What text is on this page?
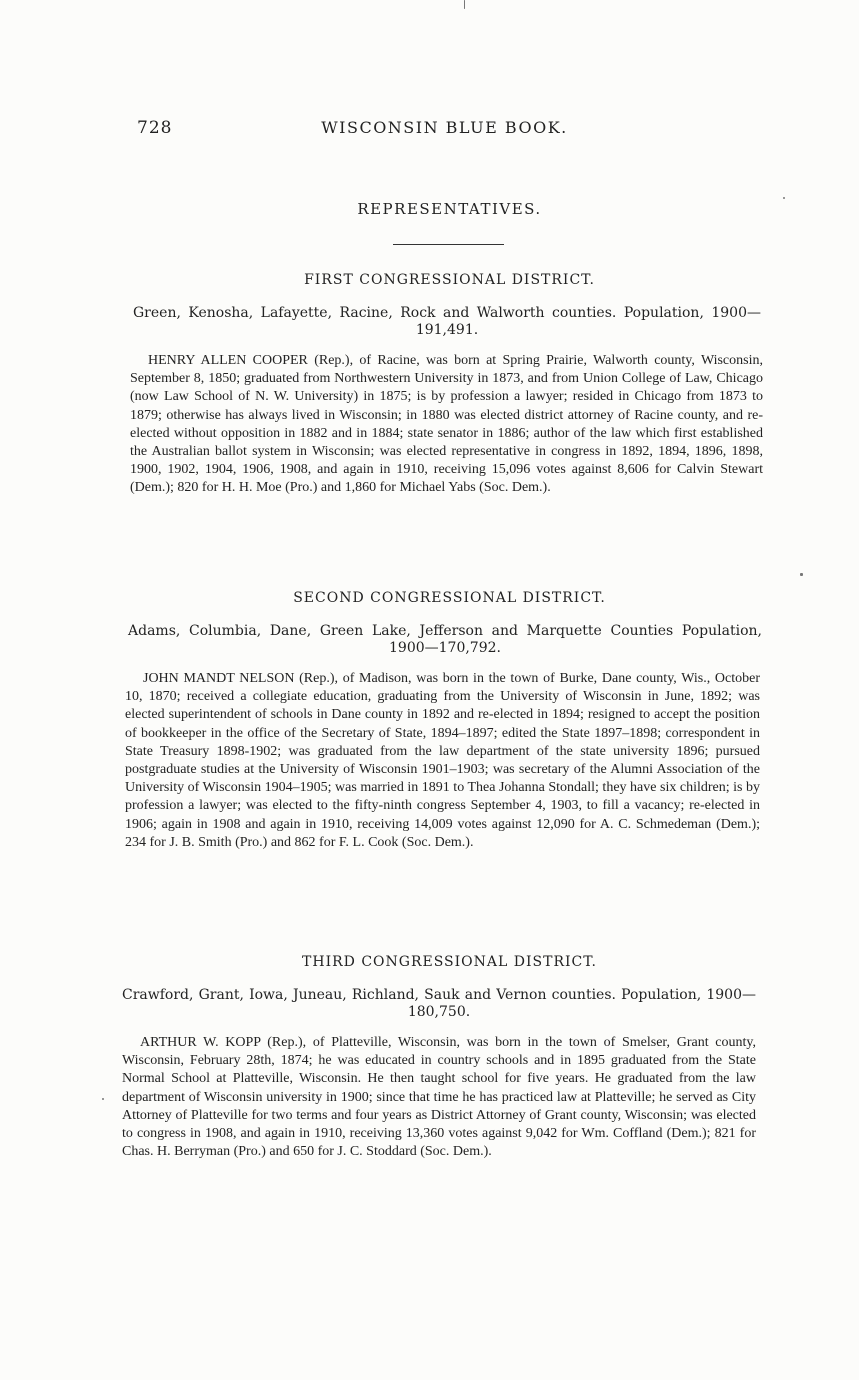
728	WISCONSIN BLUE BOOK.
REPRESENTATIVES.
FIRST CONGRESSIONAL DISTRICT.
Green, Kenosha, Lafayette, Racine, Rock and Walworth counties. Population, 1900—191,491.
HENRY ALLEN COOPER (Rep.), of Racine, was born at Spring Prairie, Walworth county, Wisconsin, September 8, 1850; graduated from Northwestern University in 1873, and from Union College of Law, Chicago (now Law School of N. W. University) in 1875; is by profession a lawyer; resided in Chicago from 1873 to 1879; otherwise has always lived in Wisconsin; in 1880 was elected district attorney of Racine county, and re-elected without opposition in 1882 and in 1884; state senator in 1886; author of the law which first established the Australian ballot system in Wisconsin; was elected representative in congress in 1892, 1894, 1896, 1898, 1900, 1902, 1904, 1906, 1908, and again in 1910, receiving 15,096 votes against 8,606 for Calvin Stewart (Dem.); 820 for H. H. Moe (Pro.) and 1,860 for Michael Yabs (Soc. Dem.).
SECOND CONGRESSIONAL DISTRICT.
Adams, Columbia, Dane, Green Lake, Jefferson and Marquette Counties Population, 1900—170,792.
JOHN MANDT NELSON (Rep.), of Madison, was born in the town of Burke, Dane county, Wis., October 10, 1870; received a collegiate education, graduating from the University of Wisconsin in June, 1892; was elected superintendent of schools in Dane county in 1892 and re-elected in 1894; resigned to accept the position of bookkeeper in the office of the Secretary of State, 1894–1897; edited the State 1897–1898; correspondent in State Treasury 1898-1902; was graduated from the law department of the state university 1896; pursued postgraduate studies at the University of Wisconsin 1901–1903; was secretary of the Alumni Association of the University of Wisconsin 1904–1905; was married in 1891 to Thea Johanna Stondall; they have six children; is by profession a lawyer; was elected to the fifty-ninth congress September 4, 1903, to fill a vacancy; re-elected in 1906; again in 1908 and again in 1910, receiving 14,009 votes against 12,090 for A. C. Schmedeman (Dem.); 234 for J. B. Smith (Pro.) and 862 for F. L. Cook (Soc. Dem.).
THIRD CONGRESSIONAL DISTRICT.
Crawford, Grant, Iowa, Juneau, Richland, Sauk and Vernon counties. Population, 1900—180,750.
ARTHUR W. KOPP (Rep.), of Platteville, Wisconsin, was born in the town of Smelser, Grant county, Wisconsin, February 28th, 1874; he was educated in country schools and in 1895 graduated from the State Normal School at Platteville, Wisconsin. He then taught school for five years. He graduated from the law department of Wisconsin university in 1900; since that time he has practiced law at Platteville; he served as City Attorney of Platteville for two terms and four years as District Attorney of Grant county, Wisconsin; was elected to congress in 1908, and again in 1910, receiving 13,360 votes against 9,042 for Wm. Coffland (Dem.); 821 for Chas. H. Berryman (Pro.) and 650 for J. C. Stoddard (Soc. Dem.).
